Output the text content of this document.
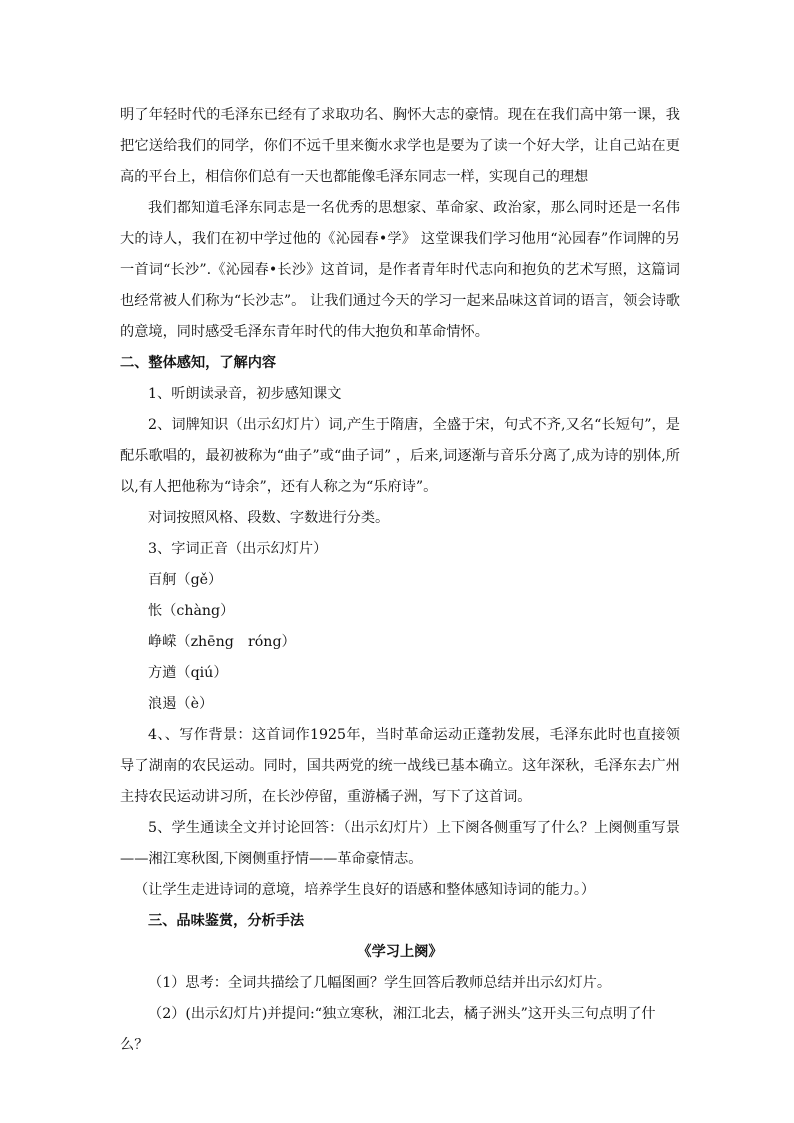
明了年轻时代的毛泽东已经有了求取功名、胸怀大志的豪情。现在在我们高中第一课，我把它送给我们的同学，你们不远千里来衡水求学也是要为了读一个好大学，让自己站在更高的平台上，相信你们总有一天也都能像毛泽东同志一样，实现自己的理想

我们都知道毛泽东同志是一名优秀的思想家、革命家、政治家，那么同时还是一名伟大的诗人，我们在初中学过他的《沁园春•学》 这堂课我们学习他用“沁园春”作词牌的另一首词“长沙”.《沁园春•长沙》这首词，是作者青年时代志向和抱负的艺术写照，这篇词也经常被人们称为“长沙志”。 让我们通过今天的学习一起来品味这首词的语言，领会诗歌的意境，同时感受毛泽东青年时代的伟大抱负和革命情怀。

二、整体感知，了解内容

1、听朗读录音，初步感知课文

2、词牌知识（出示幻灯片）词,产生于隋唐，全盛于宋，句式不齐,又名“长短句”，是配乐歌唱的，最初被称为“曲子”或“曲子词” ，后来,词逐渐与音乐分离了,成为诗的别体,所以,有人把他称为“诗余”，还有人称之为“乐府诗”。

对词按照风格、段数、字数进行分类。

3、字词正音（出示幻灯片）

百舸（gě）

怅（chàng）

峥嵘（zhēng　róng）

方遒（qiú）

浪遏（è）

4、、写作背景：这首词作1925年，当时革命运动正蓬勃发展，毛泽东此时也直接领导了湖南的农民运动。同时，国共两党的统一战线已基本确立。这年深秋，毛泽东去广州主持农民运动讲习所，在长沙停留，重游橘子洲，写下了这首词。

5、学生通读全文并讨论回答：（出示幻灯片）上下阕各侧重写了什么？上阕侧重写景——湘江寒秋图,下阕侧重抒情——革命豪情志。

（让学生走进诗词的意境，培养学生良好的语感和整体感知诗词的能力。）

三、品味鉴赏，分析手法

《学习上阕》

（1）思考：全词共描绘了几幅图画？学生回答后教师总结并出示幻灯片。

（2）(出示幻灯片)并提问:“独立寒秋，湘江北去，橘子洲头”这开头三句点明了什么？
